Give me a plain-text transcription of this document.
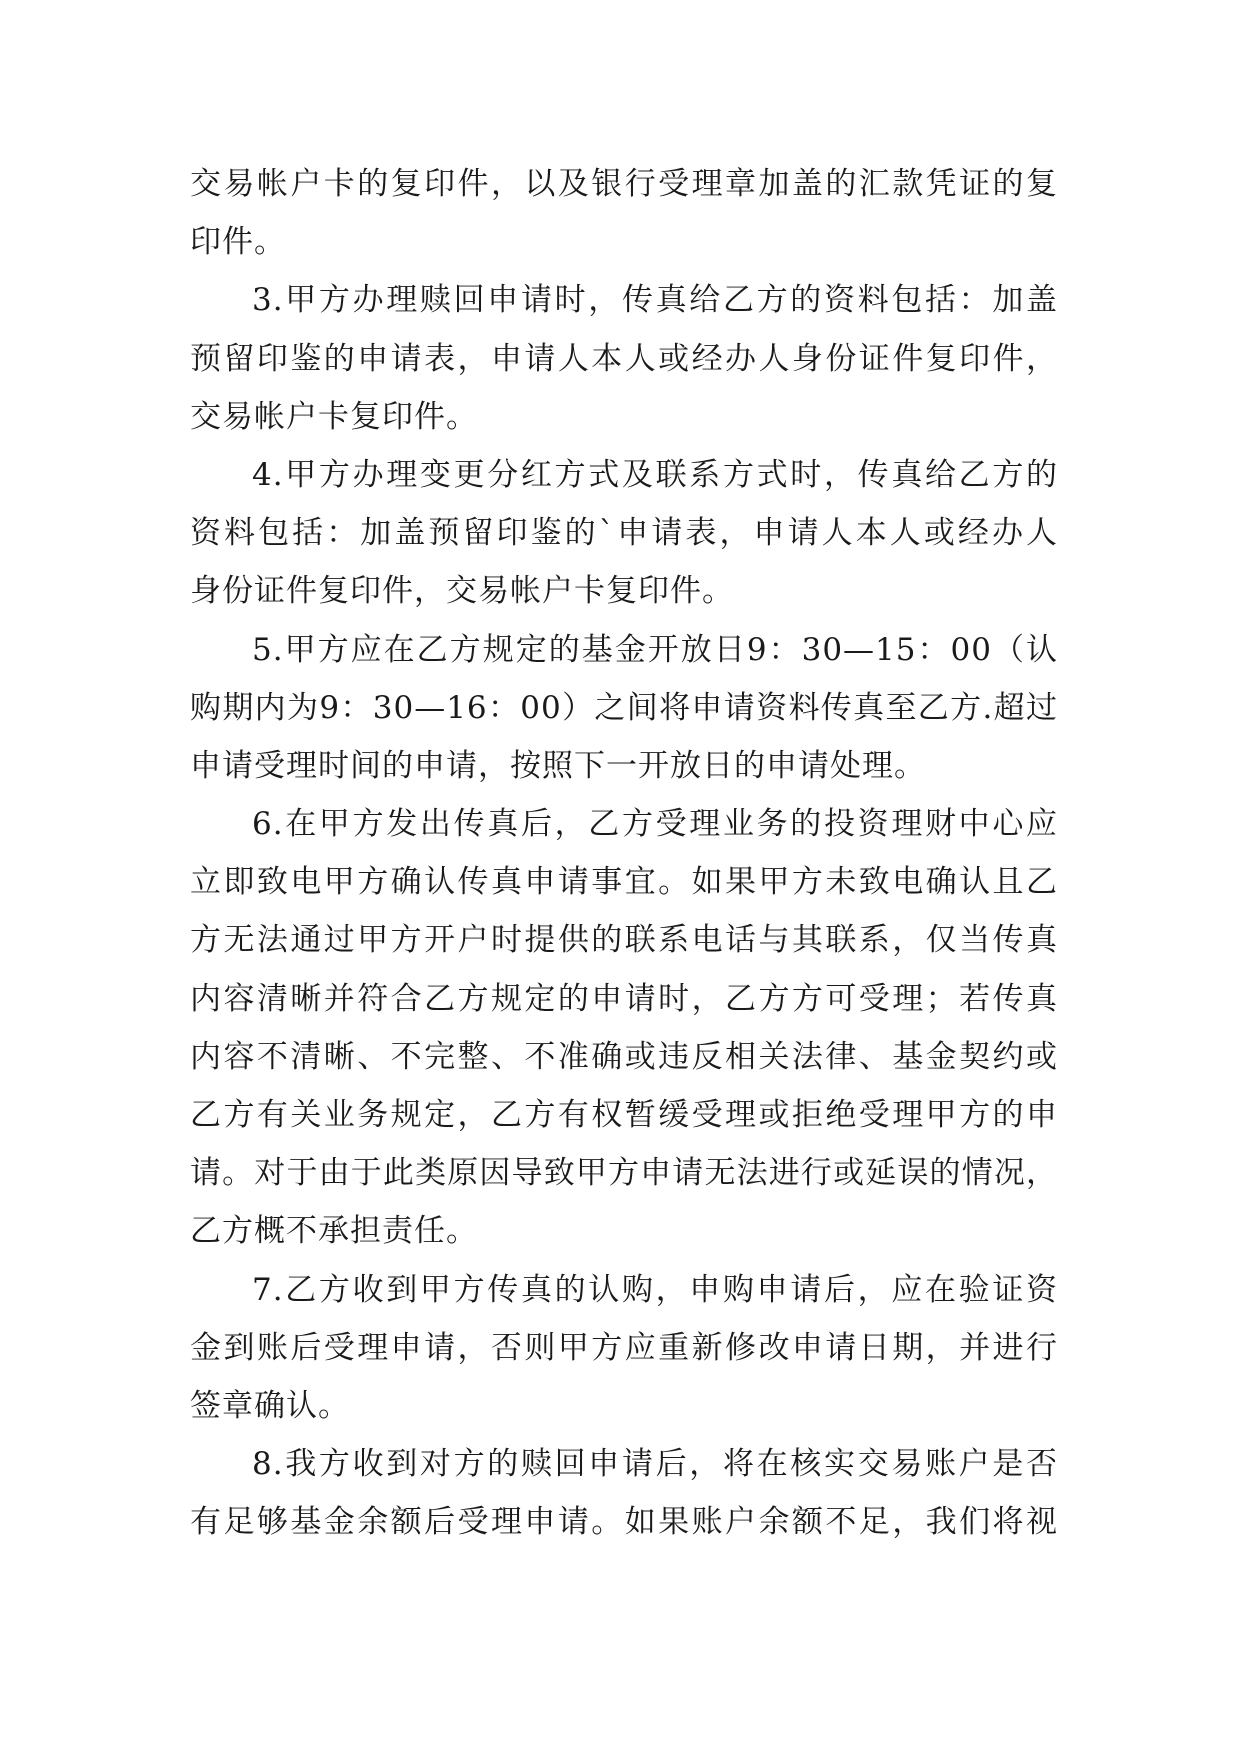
交易帐户卡的复印件，以及银行受理章加盖的汇款凭证的复
印件。
3.甲方办理赎回申请时，传真给乙方的资料包括：加盖
预留印鉴的申请表，申请人本人或经办人身份证件复印件，
交易帐户卡复印件。
4.甲方办理变更分红方式及联系方式时，传真给乙方的
资料包括：加盖预留印鉴的`申请表，申请人本人或经办人
身份证件复印件，交易帐户卡复印件。
5.甲方应在乙方规定的基金开放日9：30—15：00（认
购期内为9：30—16：00）之间将申请资料传真至乙方.超过
申请受理时间的申请，按照下一开放日的申请处理。
6.在甲方发出传真后，乙方受理业务的投资理财中心应
立即致电甲方确认传真申请事宜。如果甲方未致电确认且乙
方无法通过甲方开户时提供的联系电话与其联系，仅当传真
内容清晰并符合乙方规定的申请时，乙方方可受理；若传真
内容不清晰、不完整、不准确或违反相关法律、基金契约或
乙方有关业务规定，乙方有权暂缓受理或拒绝受理甲方的申
请。对于由于此类原因导致甲方申请无法进行或延误的情况，
乙方概不承担责任。
7.乙方收到甲方传真的认购，申购申请后，应在验证资
金到账后受理申请，否则甲方应重新修改申请日期，并进行
签章确认。
8.我方收到对方的赎回申请后，将在核实交易账户是否
有足够基金余额后受理申请。如果账户余额不足，我们将视
